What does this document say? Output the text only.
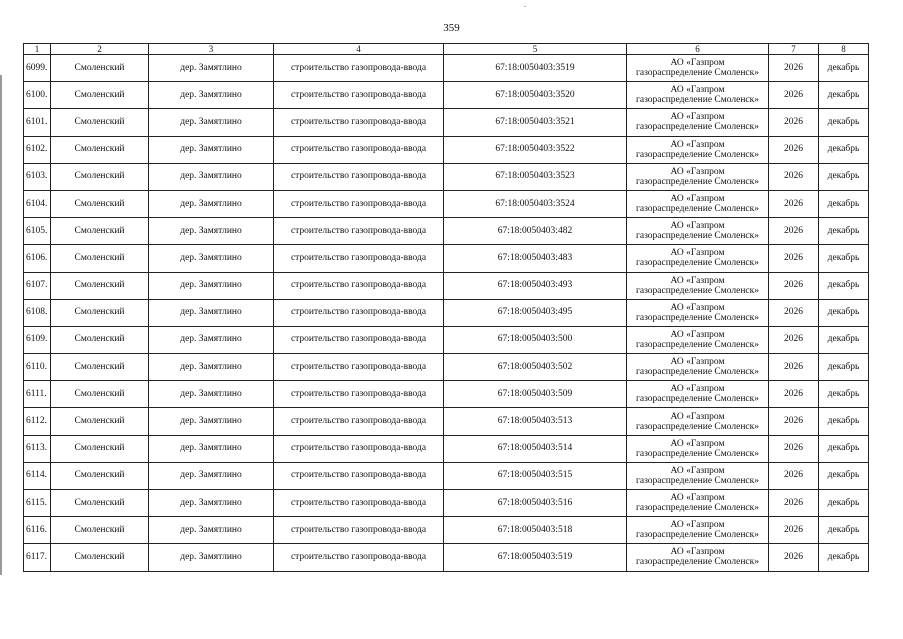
359
1	2	3	4	5	6	7	8
6099.	Смоленский	дер. Замятлино	строительство газопровода-ввода	67:18:0050403:3519	АО «Газпром
газораспределение Смоленск»	2026	декабрь
6100.	Смоленский	дер. Замятлино	строительство газопровода-ввода	67:18:0050403:3520	АО «Газпром
газораспределение Смоленск»	2026	декабрь
6101.	Смоленский	дер. Замятлино	строительство газопровода-ввода	67:18:0050403:3521	АО «Газпром
газораспределение Смоленск»	2026	декабрь
6102.	Смоленский	дер. Замятлино	строительство газопровода-ввода	67:18:0050403:3522	АО «Газпром
газораспределение Смоленск»	2026	декабрь
6103.	Смоленский	дер. Замятлино	строительство газопровода-ввода	67:18:0050403:3523	АО «Газпром
газораспределение Смоленск»	2026	декабрь
6104.	Смоленский	дер. Замятлино	строительство газопровода-ввода	67:18:0050403:3524	АО «Газпром
газораспределение Смоленск»	2026	декабрь
6105.	Смоленский	дер. Замятлино	строительство газопровода-ввода	67:18:0050403:482	АО «Газпром
газораспределение Смоленск»	2026	декабрь
6106.	Смоленский	дер. Замятлино	строительство газопровода-ввода	67:18:0050403:483	АО «Газпром
газораспределение Смоленск»	2026	декабрь
6107.	Смоленский	дер. Замятлино	строительство газопровода-ввода	67:18:0050403:493	АО «Газпром
газораспределение Смоленск»	2026	декабрь
6108.	Смоленский	дер. Замятлино	строительство газопровода-ввода	67:18:0050403:495	АО «Газпром
газораспределение Смоленск»	2026	декабрь
6109.	Смоленский	дер. Замятлино	строительство газопровода-ввода	67:18:0050403:500	АО «Газпром
газораспределение Смоленск»	2026	декабрь
6110.	Смоленский	дер. Замятлино	строительство газопровода-ввода	67:18:0050403:502	АО «Газпром
газораспределение Смоленск»	2026	декабрь
6111.	Смоленский	дер. Замятлино	строительство газопровода-ввода	67:18:0050403:509	АО «Газпром
газораспределение Смоленск»	2026	декабрь
6112.	Смоленский	дер. Замятлино	строительство газопровода-ввода	67:18:0050403:513	АО «Газпром
газораспределение Смоленск»	2026	декабрь
6113.	Смоленский	дер. Замятлино	строительство газопровода-ввода	67:18:0050403:514	АО «Газпром
газораспределение Смоленск»	2026	декабрь
6114.	Смоленский	дер. Замятлино	строительство газопровода-ввода	67:18:0050403:515	АО «Газпром
газораспределение Смоленск»	2026	декабрь
6115.	Смоленский	дер. Замятлино	строительство газопровода-ввода	67:18:0050403:516	АО «Газпром
газораспределение Смоленск»	2026	декабрь
6116.	Смоленский	дер. Замятлино	строительство газопровода-ввода	67:18:0050403:518	АО «Газпром
газораспределение Смоленск»	2026	декабрь
6117.	Смоленский	дер. Замятлино	строительство газопровода-ввода	67:18:0050403:519	АО «Газпром
газораспределение Смоленск»	2026	декабрь
